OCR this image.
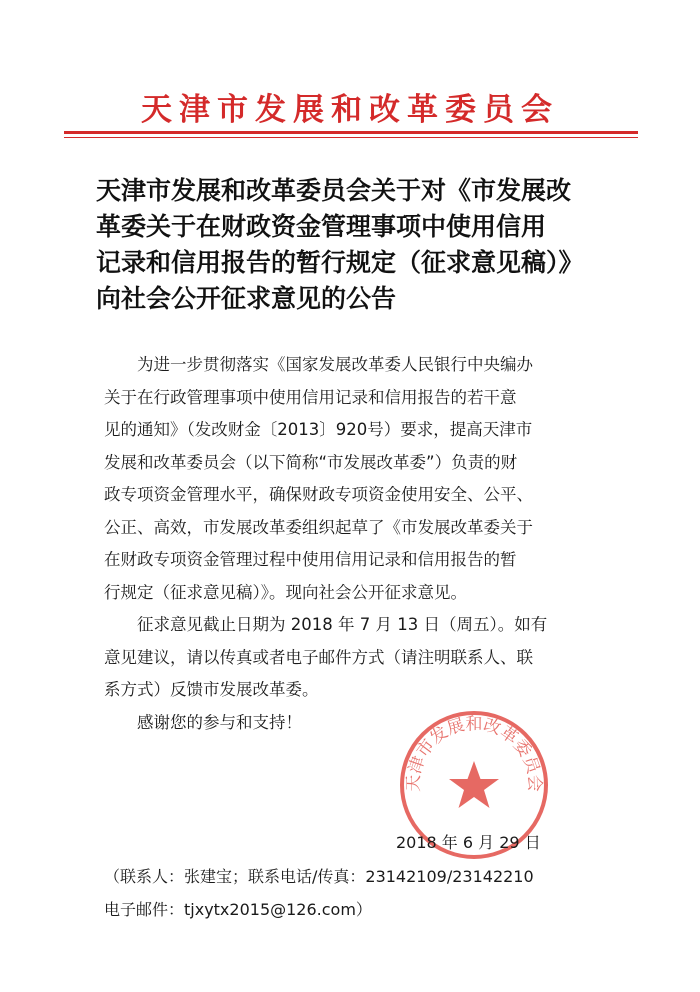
天津市发展和改革委员会
天津市发展和改革委员会关于对《市发展改
革委关于在财政资金管理事项中使用信用
记录和信用报告的暂行规定（征求意见稿）》
向社会公开征求意见的公告
　　为进一步贯彻落实《国家发展改革委人民银行中央编办
关于在行政管理事项中使用信用记录和信用报告的若干意
见的通知》（发改财金〔2013〕920号）要求，提高天津市
发展和改革委员会（以下简称“市发展改革委”）负责的财
政专项资金管理水平，确保财政专项资金使用安全、公平、
公正、高效，市发展改革委组织起草了《市发展改革委关于
在财政专项资金管理过程中使用信用记录和信用报告的暂
行规定（征求意见稿）》。现向社会公开征求意见。
　　征求意见截止日期为 2018 年 7 月 13 日（周五）。如有
意见建议，请以传真或者电子邮件方式（请注明联系人、联
系方式）反馈市发展改革委。
　　感谢您的参与和支持！
天津市发展和改革委员会
2018 年 6 月 29 日
（联系人：张建宝；联系电话/传真：23142109/23142210
电子邮件：tjxytx2015@126.com）
